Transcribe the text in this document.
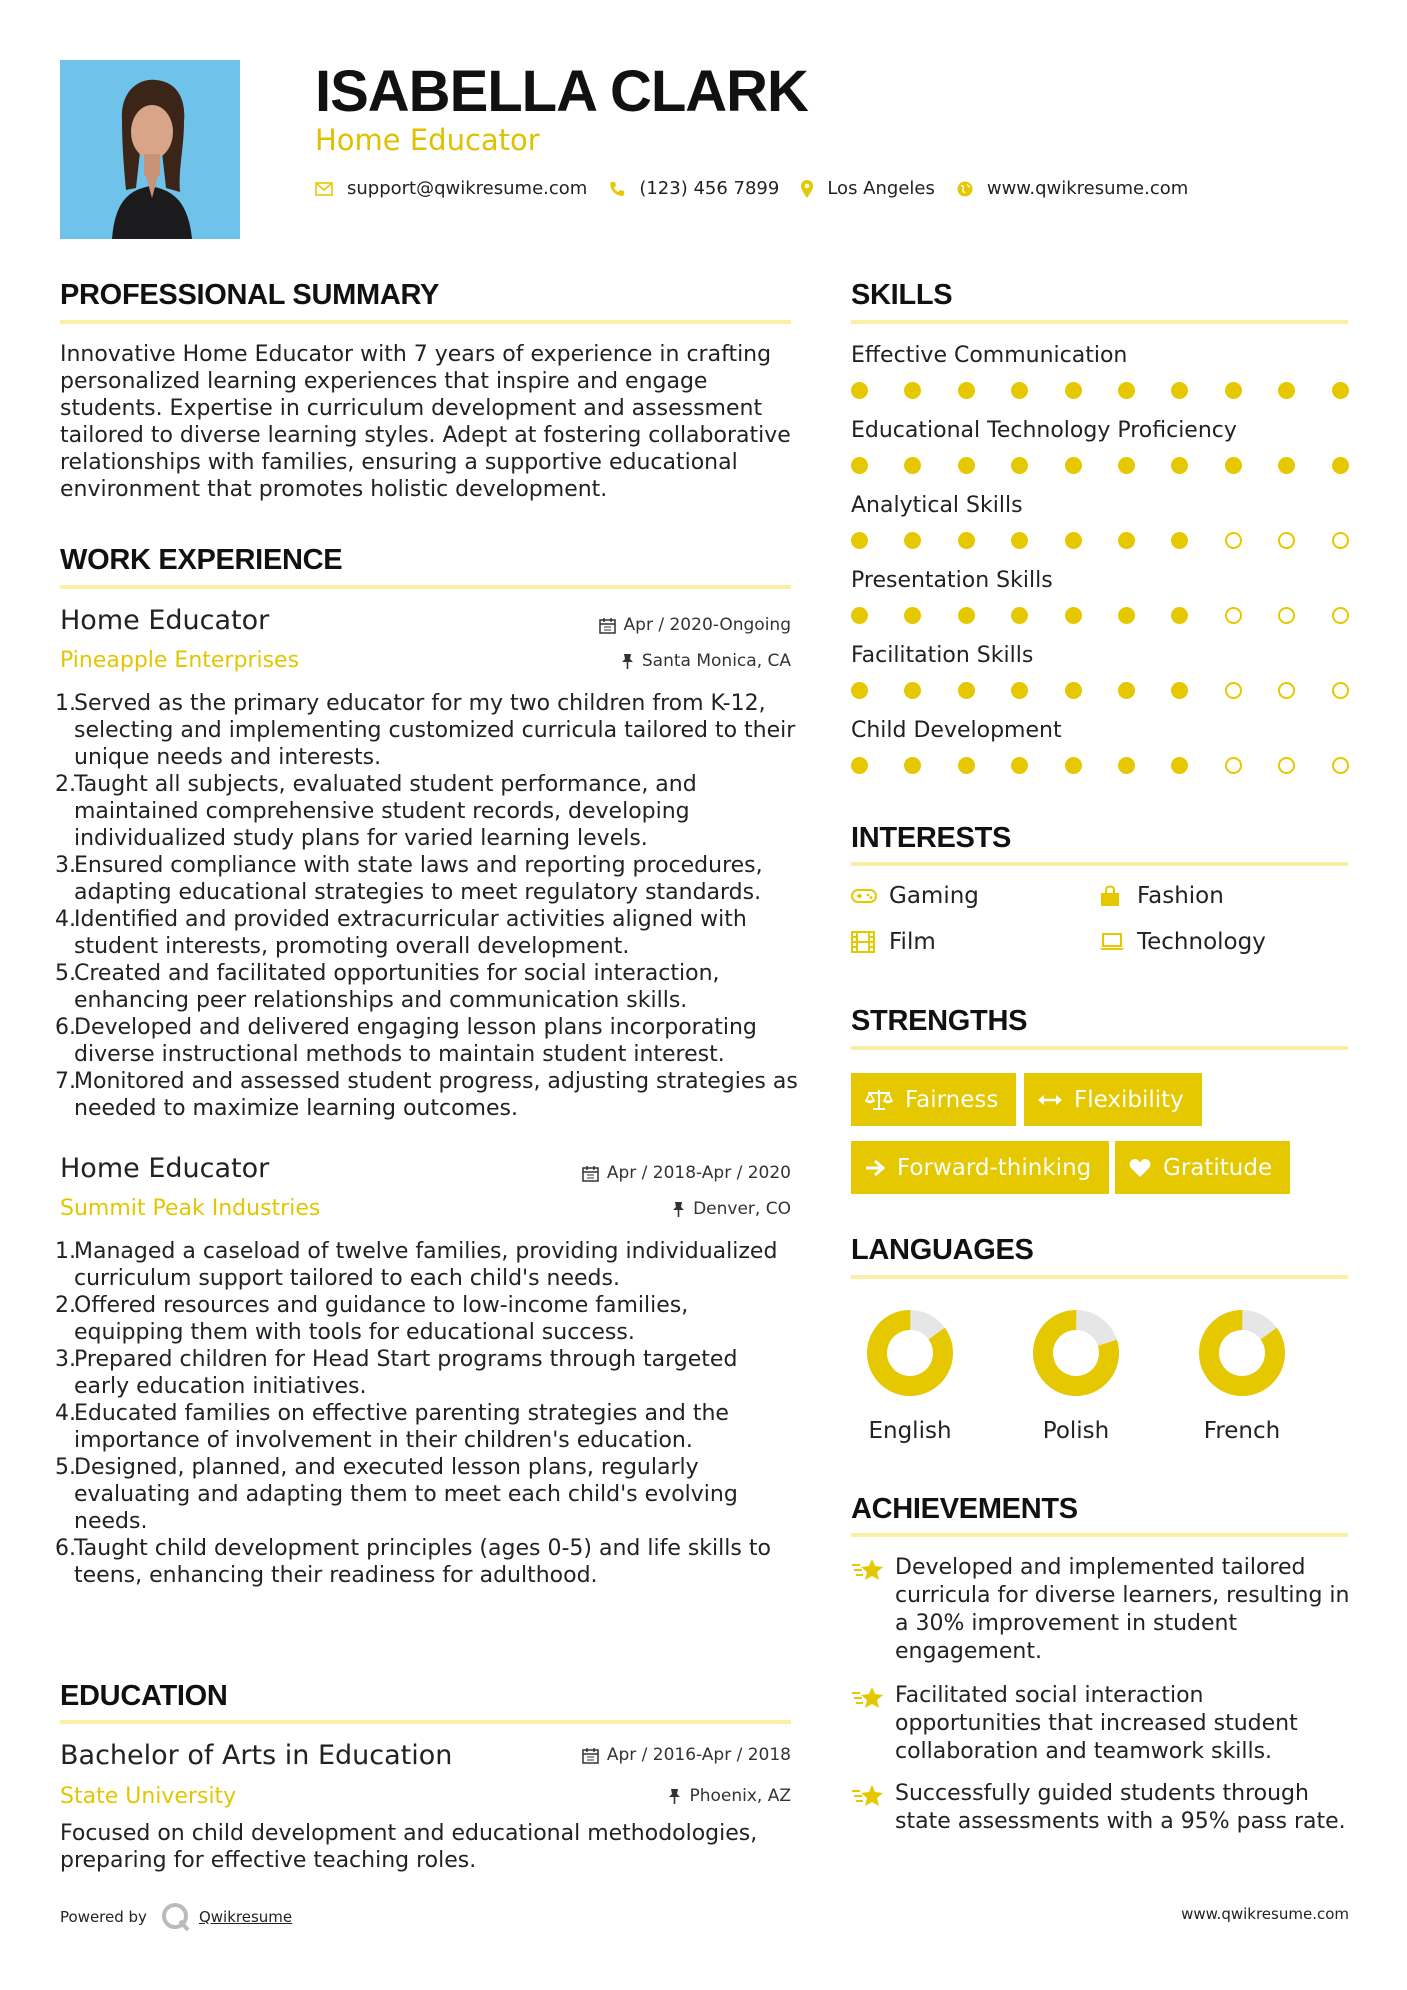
ISABELLA CLARK
Home Educator
support@qwikresume.com	(123) 456 7899	Los Angeles	www.qwikresume.com
PROFESSIONAL SUMMARY
Innovative Home Educator with 7 years of experience in crafting personalized learning experiences that inspire and engage students. Expertise in curriculum development and assessment tailored to diverse learning styles. Adept at fostering collaborative relationships with families, ensuring a supportive educational environment that promotes holistic development.
WORK EXPERIENCE
Home Educator	Apr / 2020-Ongoing
Pineapple Enterprises	Santa Monica, CA
1.
Served as the primary educator for my two children from K-12, selecting and implementing customized curricula tailored to their unique needs and interests.
2.
Taught all subjects, evaluated student performance, and maintained comprehensive student records, developing individualized study plans for varied learning levels.
3.
Ensured compliance with state laws and reporting procedures, adapting educational strategies to meet regulatory standards.
4.
Identified and provided extracurricular activities aligned with student interests, promoting overall development.
5.
Created and facilitated opportunities for social interaction, enhancing peer relationships and communication skills.
6.
Developed and delivered engaging lesson plans incorporating diverse instructional methods to maintain student interest.
7.
Monitored and assessed student progress, adjusting strategies as needed to maximize learning outcomes.
Home Educator	Apr / 2018-Apr / 2020
Summit Peak Industries	Denver, CO
1.
Managed a caseload of twelve families, providing individualized curriculum support tailored to each child's needs.
2.
Offered resources and guidance to low-income families, equipping them with tools for educational success.
3.
Prepared children for Head Start programs through targeted early education initiatives.
4.
Educated families on effective parenting strategies and the importance of involvement in their children's education.
5.
Designed, planned, and executed lesson plans, regularly evaluating and adapting them to meet each child's evolving needs.
6.
Taught child development principles (ages 0-5) and life skills to teens, enhancing their readiness for adulthood.
EDUCATION
Bachelor of Arts in Education	Apr / 2016-Apr / 2018
State University	Phoenix, AZ
Focused on child development and educational methodologies, preparing for effective teaching roles.
SKILLS
Effective Communication
Educational Technology Proficiency
Analytical Skills
Presentation Skills
Facilitation Skills
Child Development
INTERESTS
Gaming	Fashion
Film	Technology
STRENGTHS
Fairness	Flexibility
Forward-thinking	Gratitude
LANGUAGES
English	Polish	French
ACHIEVEMENTS
Developed and implemented tailored curricula for diverse learners, resulting in a 30% improvement in student engagement.
Facilitated social interaction opportunities that increased student collaboration and teamwork skills.
Successfully guided students through state assessments with a 95% pass rate.
Powered by	Qwikresume	www.qwikresume.com
